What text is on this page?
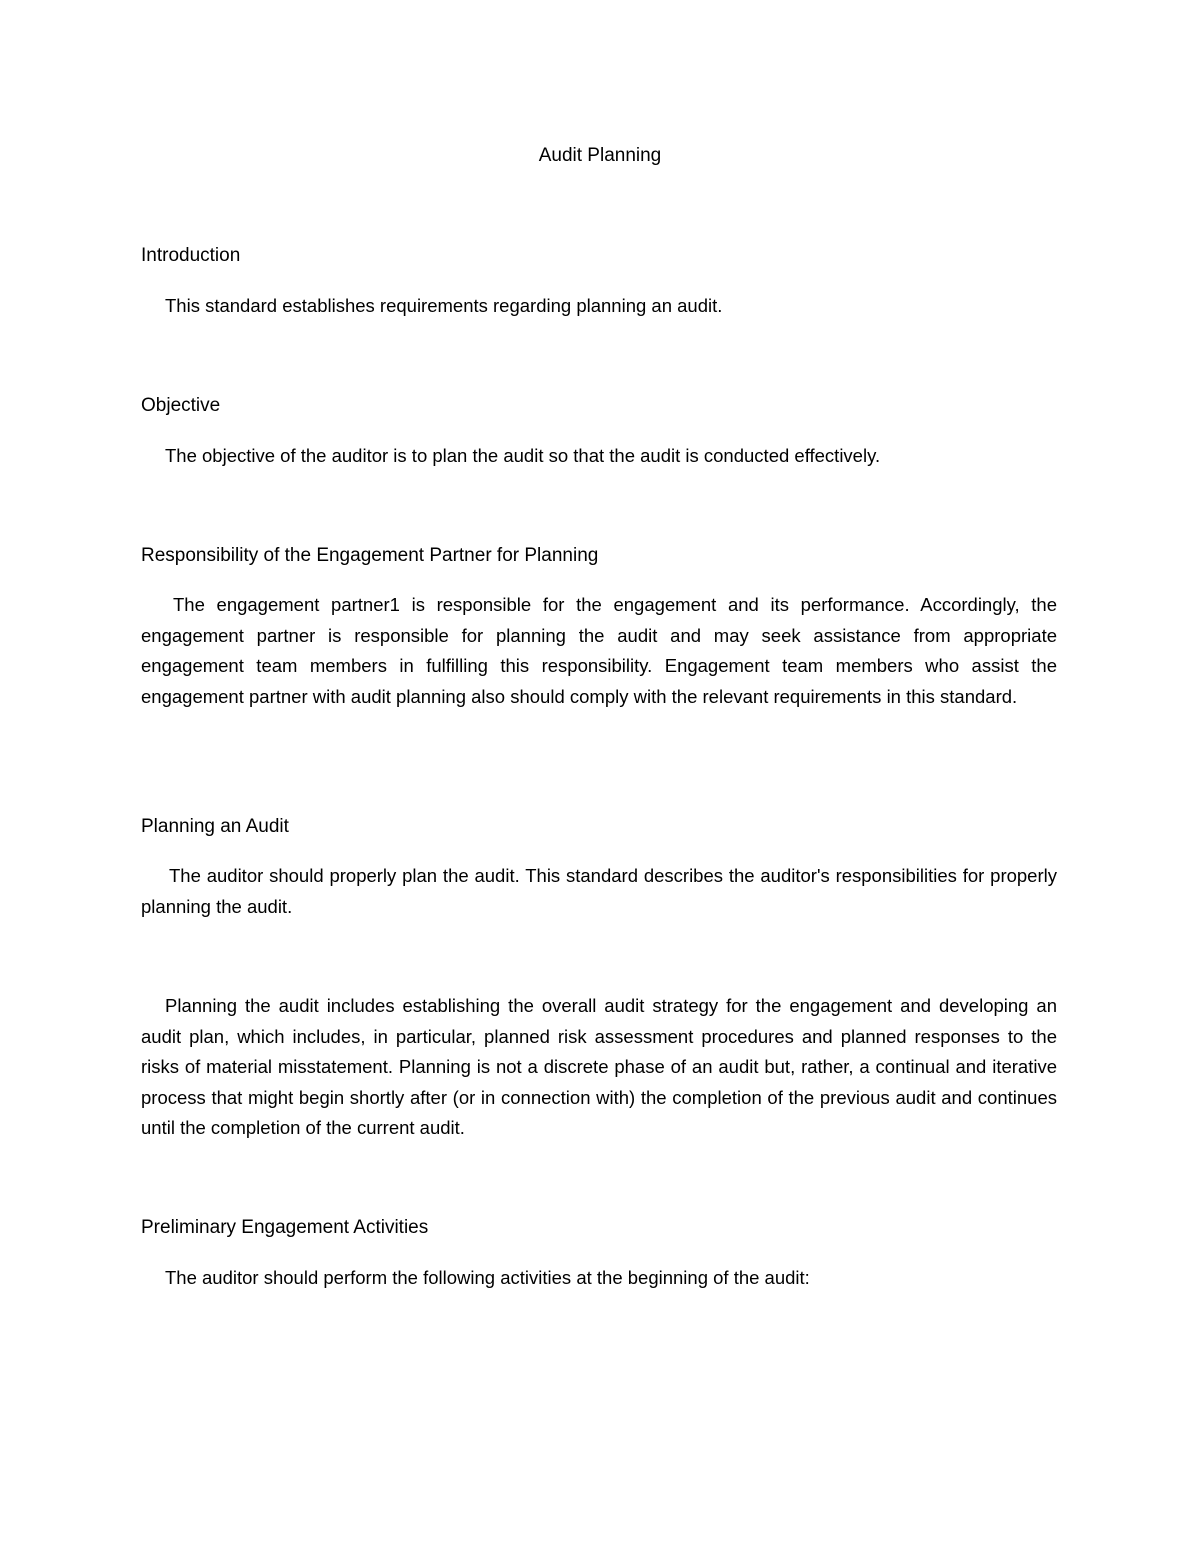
Audit Planning
Introduction

This standard establishes requirements regarding planning an audit.

Objective

The objective of the auditor is to plan the audit so that the audit is conducted effectively.

Responsibility of the Engagement Partner for Planning

The engagement partner1 is responsible for the engagement and its performance. Accordingly, the engagement partner is responsible for planning the audit and may seek assistance from appropriate engagement team members in fulfilling this responsibility. Engagement team members who assist the engagement partner with audit planning also should comply with the relevant requirements in this standard.

Planning an Audit

The auditor should properly plan the audit. This standard describes the auditor's responsibilities for properly planning the audit.

Planning the audit includes establishing the overall audit strategy for the engagement and developing an audit plan, which includes, in particular, planned risk assessment procedures and planned responses to the risks of material misstatement. Planning is not a discrete phase of an audit but, rather, a continual and iterative process that might begin shortly after (or in connection with) the completion of the previous audit and continues until the completion of the current audit.

Preliminary Engagement Activities

The auditor should perform the following activities at the beginning of the audit:
